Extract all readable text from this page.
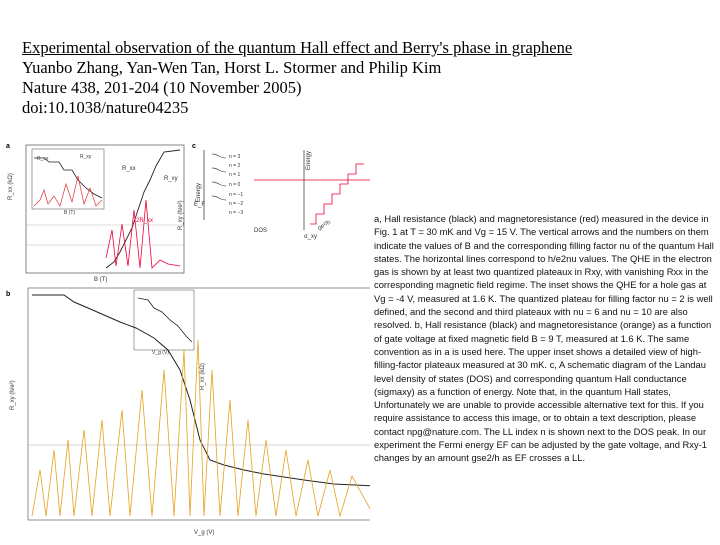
Experimental observation of the quantum Hall effect and Berry's phase in graphene
Yuanbo Zhang, Yan-Wen Tan, Horst L. Stormer and Philip Kim
Nature 438, 201-204 (10 November 2005)
doi:10.1038/nature04235
a
R_xx (kΩ)
R_xy (h/e²)
B (T)
B (T)
R_xx	R_xy
R_xx
R_xy
2R_xx
c
Energy
n = 3
n = 2
n = 1
n = 0
n = −1
n = −2
n = −3
E_F
DOS
Energy
σ_xy
ge²/h
b
R_xy (h/e²)
R_xx (kΩ)
V_g (V)
V_g (V)
a, Hall resistance (black) and magnetoresistance (red) measured in the device in Fig. 1 at T = 30 mK and Vg = 15 V. The vertical arrows and the numbers on them indicate the values of B and the corresponding filling factor nu of the quantum Hall states. The horizontal lines correspond to h/e2nu values. The QHE in the electron gas is shown by at least two quantized plateaux in Rxy, with vanishing Rxx in the corresponding magnetic field regime. The inset shows the QHE for a hole gas at Vg = -4 V, measured at 1.6 K. The quantized plateau for filling factor nu = 2 is well defined, and the second and third plateaux with nu = 6 and nu = 10 are also resolved. b, Hall resistance (black) and magnetoresistance (orange) as a function of gate voltage at fixed magnetic field B = 9 T, measured at 1.6 K. The same convention as in a is used here. The upper inset shows a detailed view of high-filling-factor plateaux measured at 30 mK. c, A schematic diagram of the Landau level density of states (DOS) and corresponding quantum Hall conductance (sigmaxy) as a function of energy. Note that, in the quantum Hall states, Unfortunately we are unable to provide accessible alternative text for this. If you require assistance to access this image, or to obtain a text description, please contact npg@nature.com. The LL index n is shown next to the DOS peak. In our experiment the Fermi energy EF can be adjusted by the gate voltage, and Rxy-1 changes by an amount gse2/h as EF crosses a LL.
